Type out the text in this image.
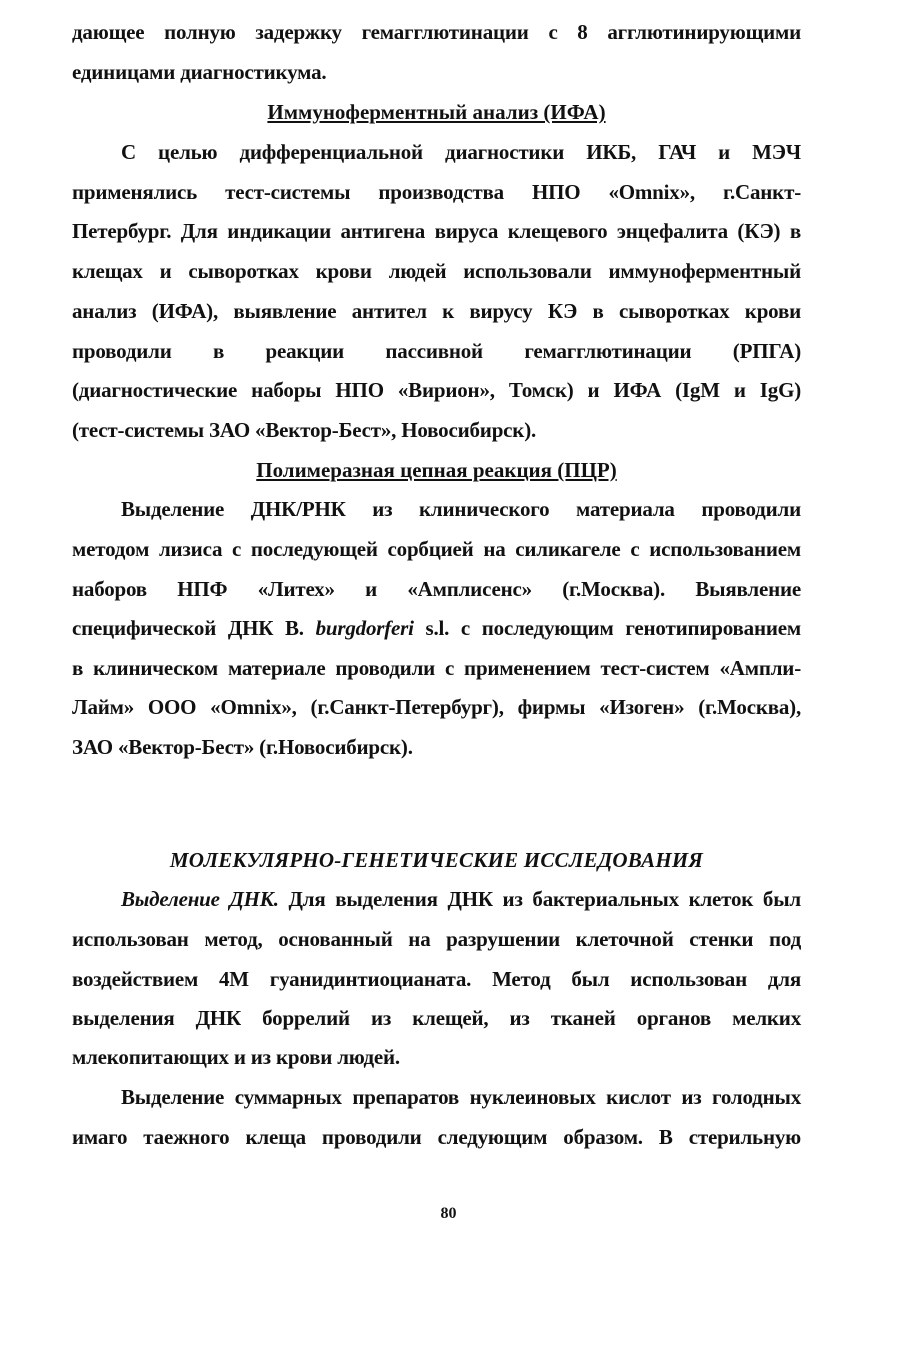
дающее полную задержку гемагглютинации с 8 агглютинирующими
единицами диагностикума.
Иммуноферментный анализ (ИФА)
С целью дифференциальной диагностики ИКБ, ГАЧ и МЭЧ
применялись тест-системы производства НПО «Omnix», г.Санкт-
Петербург. Для индикации антигена вируса клещевого энцефалита (КЭ) в
клещах и сыворотках крови людей использовали иммуноферментный
анализ (ИФА), выявление антител к вирусу КЭ в сыворотках крови
проводили в реакции пассивной гемагглютинации (РПГА)
(диагностические наборы НПО «Вирион», Томск) и ИФА (IgM и IgG)
(тест-системы ЗАО «Вектор-Бест», Новосибирск).
Полимеразная цепная реакция (ПЦР)
Выделение ДНК/РНК из клинического материала проводили
методом лизиса с последующей сорбцией на силикагеле с использованием
наборов НПФ «Литех» и «Амплисенс» (г.Москва). Выявление
специфической ДНК B. burgdorferi s.l. с последующим генотипированием
в клиническом материале проводили с применением тест-систем «Ампли-
Лайм» ООО «Omnix», (г.Санкт-Петербург), фирмы «Изоген» (г.Москва),
ЗАО «Вектор-Бест» (г.Новосибирск).
МОЛЕКУЛЯРНО-ГЕНЕТИЧЕСКИЕ ИССЛЕДОВАНИЯ
Выделение ДНК. Для выделения ДНК из бактериальных клеток был
использован метод, основанный на разрушении клеточной стенки под
воздействием 4М гуанидинтиоцианата. Метод был использован для
выделения ДНК боррелий из клещей, из тканей органов мелких
млекопитающих и из крови людей.
Выделение суммарных препаратов нуклеиновых кислот из голодных
имаго таежного клеща проводили следующим образом. В стерильную
80
